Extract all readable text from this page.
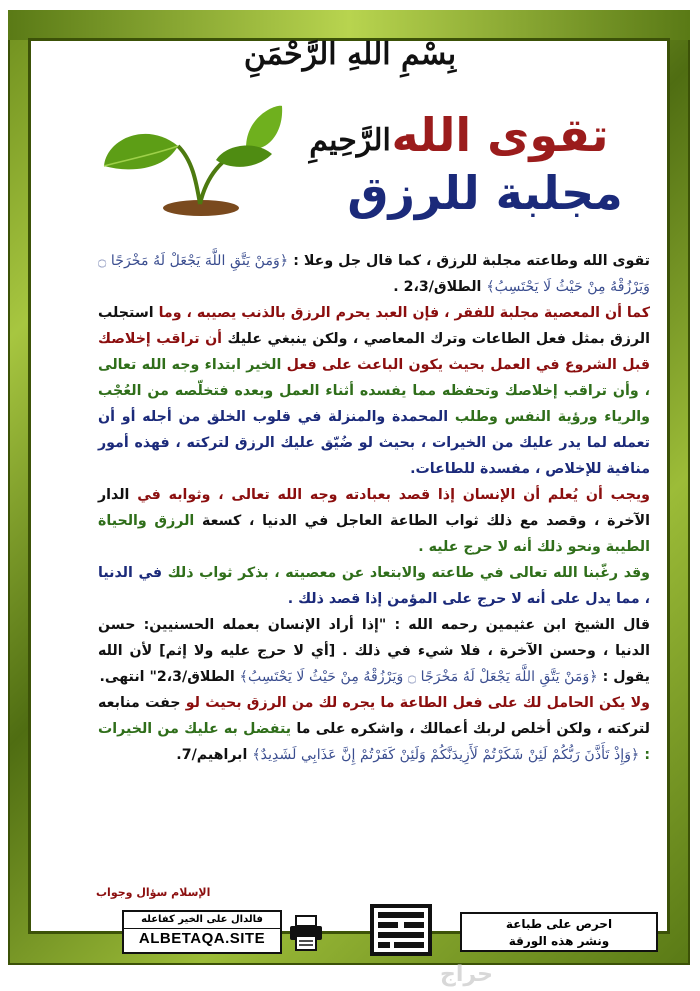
بِسْمِ اللهِ الرَّحْمَنِ الرَّحِيمِ تقوى الله
مجلبة للرزق

تقوى الله وطاعته مجلبة للرزق ، كما قال جل وعلا : ﴿وَمَنْ يَتَّقِ اللَّهَ يَجْعَلْ لَهُ مَخْرَجًا ۝ وَيَرْزُقْهُ مِنْ حَيْثُ لَا يَحْتَسِبُ﴾ الطلاق/2،3 .

كما أن المعصية مجلبة للفقر ، فإن العبد يحرم الرزق بالذنب يصيبه ، وما استجلب الرزق بمثل فعل الطاعات وترك المعاصي ، ولكن ينبغي عليك أن تراقب إخلاصك قبل الشروع في العمل بحيث يكون الباعث على فعل الخير ابتداء وجه الله تعالى ، وأن تراقب إخلاصك وتحفظه مما يفسده أثناء العمل وبعده فتخلّصه من العُجْب والرياء ورؤية النفس وطلب المحمدة والمنزلة في قلوب الخلق من أجله أو أن تعمله لما يدر عليك من الخيرات ، بحيث لو ضُيّق عليك الرزق لتركته ، فهذه أمور منافية للإخلاص ، مفسدة للطاعات.

ويجب أن يُعلم أن الإنسان إذا قصد بعبادته وجه الله تعالى ، وثوابه في الدار الآخرة ، وقصد مع ذلك ثواب الطاعة العاجل في الدنيا ، كسعة الرزق والحياة الطيبة ونحو ذلك أنه لا حرج عليه .

وقد رغّبنا الله تعالى في طاعته والابتعاد عن معصيته ، بذكر ثواب ذلك في الدنيا ، مما يدل على أنه لا حرج على المؤمن إذا قصد ذلك .

قال الشيخ ابن عثيمين رحمه الله : "إذا أراد الإنسان بعمله الحسنيين: حسن الدنيا ، وحسن الآخرة ، فلا شيء في ذلك . [أي لا حرج عليه ولا إثم] لأن الله يقول : ﴿وَمَنْ يَتَّقِ اللَّهَ يَجْعَلْ لَهُ مَخْرَجًا ۝ وَيَرْزُقْهُ مِنْ حَيْثُ لَا يَحْتَسِبُ﴾ الطلاق/2،3" انتهى.

ولا يكن الحامل لك على فعل الطاعة ما يجره لك من الرزق بحيث لو جفت منابعه لتركته ، ولكن أخلص لربك أعمالك ، واشكره على ما يتفضل به عليك من الخيرات : ﴿وَإِذْ تَأَذَّنَ رَبُّكُمْ لَئِنْ شَكَرْتُمْ لَأَزِيدَنَّكُمْ وَلَئِنْ كَفَرْتُمْ إِنَّ عَذَابِي لَشَدِيدٌ﴾ ابراهيم/7.

الإسلام سؤال وجواب
احرص على طباعة
ونشر هذه الورقة
فالدال على الخير كفاعله
ALBETAQA.SITE
حراج
